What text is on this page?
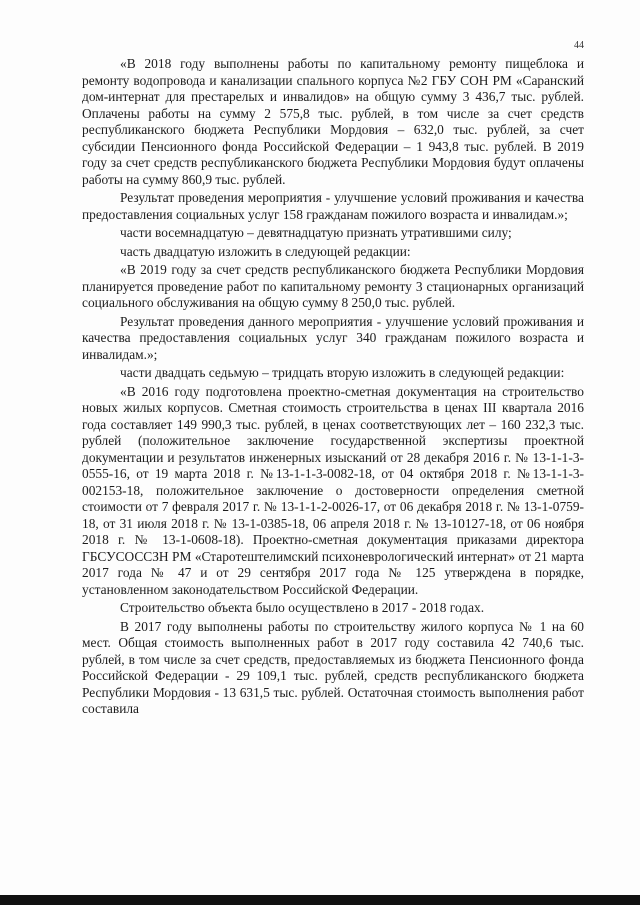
44

«В 2018 году выполнены работы по капитальному ремонту пищеблока и ремонту водопровода и канализации спального корпуса №2 ГБУ СОН РМ «Саранский дом-интернат для престарелых и инвалидов» на общую сумму 3 436,7 тыс. рублей. Оплачены работы на сумму 2 575,8 тыс. рублей, в том числе за счет средств республиканского бюджета Республики Мордовия – 632,0 тыс. рублей, за счет субсидии Пенсионного фонда Российской Федерации – 1 943,8 тыс. рублей. В 2019 году за счет средств республиканского бюджета Республики Мордовия будут оплачены работы на сумму 860,9 тыс. рублей.

Результат проведения мероприятия - улучшение условий проживания и качества предоставления социальных услуг 158 гражданам пожилого возраста и инвалидам.»;

части восемнадцатую – девятнадцатую признать утратившими силу;

часть двадцатую изложить в следующей редакции:

«В 2019 году за счет средств республиканского бюджета Республики Мордовия планируется проведение работ по капитальному ремонту 3 стационарных организаций социального обслуживания на общую сумму 8 250,0 тыс. рублей.

Результат проведения данного мероприятия - улучшение условий проживания и качества предоставления социальных услуг 340 гражданам пожилого возраста и инвалидам.»;

части двадцать седьмую – тридцать вторую изложить в следующей редакции:

«В 2016 году подготовлена проектно-сметная документация на строительство новых жилых корпусов. Сметная стоимость строительства в ценах III квартала 2016 года составляет 149 990,3 тыс. рублей, в ценах соответствующих лет – 160 232,3 тыс. рублей (положительное заключение государственной экспертизы проектной документации и результатов инженерных изысканий от 28 декабря 2016 г. № 13-1-1-3-0555-16, от 19 марта 2018 г. №13-1-1-3-0082-18, от 04 октября 2018 г. №13-1-1-3-002153-18, положительное заключение о достоверности определения сметной стоимости от 7 февраля 2017 г. № 13-1-1-2-0026-17, от 06 декабря 2018 г. № 13-1-0759-18, от 31 июля 2018 г. № 13-1-0385-18, 06 апреля 2018 г. № 13-10127-18, от 06 ноября 2018 г. № 13-1-0608-18). Проектно-сметная документация приказами директора ГБСУСОССЗН РМ «Старотештелимский психоневрологический интернат» от 21 марта 2017 года № 47 и от 29 сентября 2017 года № 125 утверждена в порядке, установленном законодательством Российской Федерации.

Строительство объекта было осуществлено в 2017 - 2018 годах.

В 2017 году выполнены работы по строительству жилого корпуса № 1 на 60 мест. Общая стоимость выполненных работ в 2017 году составила 42 740,6 тыс. рублей, в том числе за счет средств, предоставляемых из бюджета Пенсионного фонда Российской Федерации - 29 109,1 тыс. рублей, средств республиканского бюджета Республики Мордовия - 13 631,5 тыс. рублей. Остаточная стоимость выполнения работ составила
